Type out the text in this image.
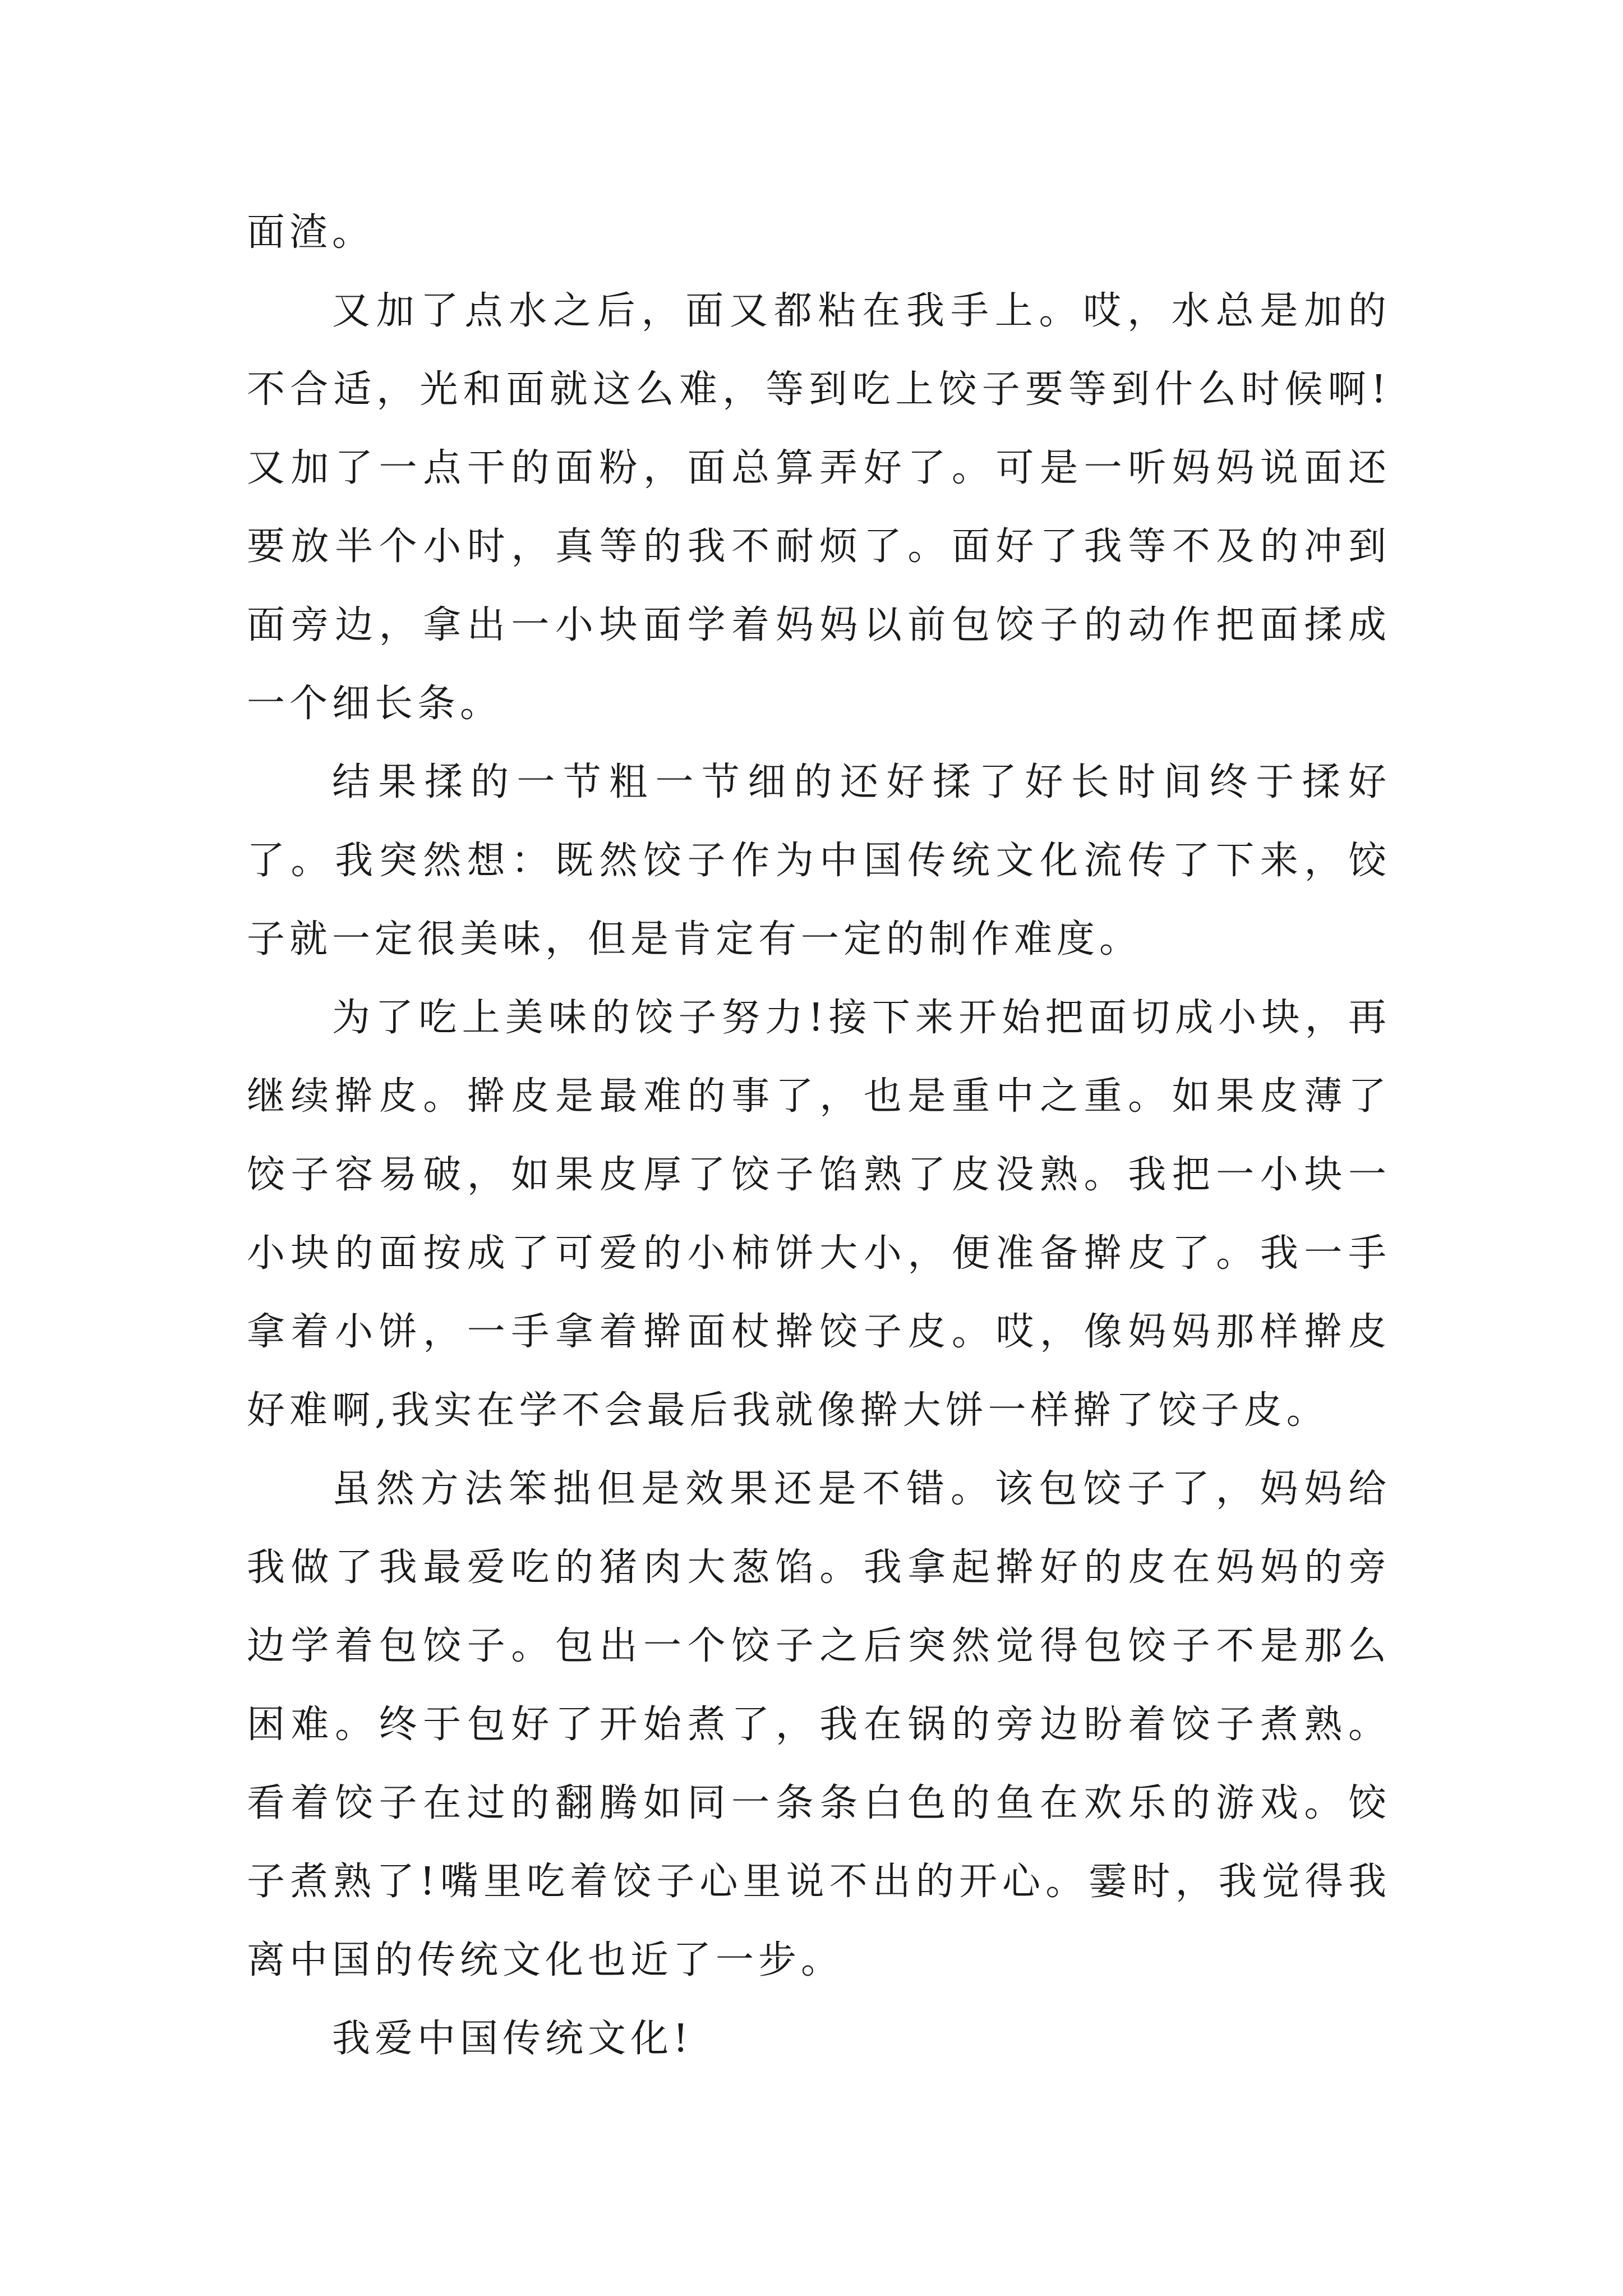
面渣。

又加了点水之后，面又都粘在我手上。哎，水总是加的不合适，光和面就这么难，等到吃上饺子要等到什么时候啊!又加了一点干的面粉，面总算弄好了。可是一听妈妈说面还要放半个小时，真等的我不耐烦了。面好了我等不及的冲到面旁边，拿出一小块面学着妈妈以前包饺子的动作把面揉成一个细长条。

结果揉的一节粗一节细的还好揉了好长时间终于揉好了。我突然想：既然饺子作为中国传统文化流传了下来，饺子就一定很美味，但是肯定有一定的制作难度。

为了吃上美味的饺子努力!接下来开始把面切成小块，再继续擀皮。擀皮是最难的事了，也是重中之重。如果皮薄了饺子容易破，如果皮厚了饺子馅熟了皮没熟。我把一小块一小块的面按成了可爱的小柿饼大小，便准备擀皮了。我一手拿着小饼，一手拿着擀面杖擀饺子皮。哎，像妈妈那样擀皮好难啊,我实在学不会最后我就像擀大饼一样擀了饺子皮。

虽然方法笨拙但是效果还是不错。该包饺子了，妈妈给我做了我最爱吃的猪肉大葱馅。我拿起擀好的皮在妈妈的旁边学着包饺子。包出一个饺子之后突然觉得包饺子不是那么困难。终于包好了开始煮了，我在锅的旁边盼着饺子煮熟。看着饺子在过的翻腾如同一条条白色的鱼在欢乐的游戏。饺子煮熟了!嘴里吃着饺子心里说不出的开心。霎时，我觉得我离中国的传统文化也近了一步。

我爱中国传统文化!
